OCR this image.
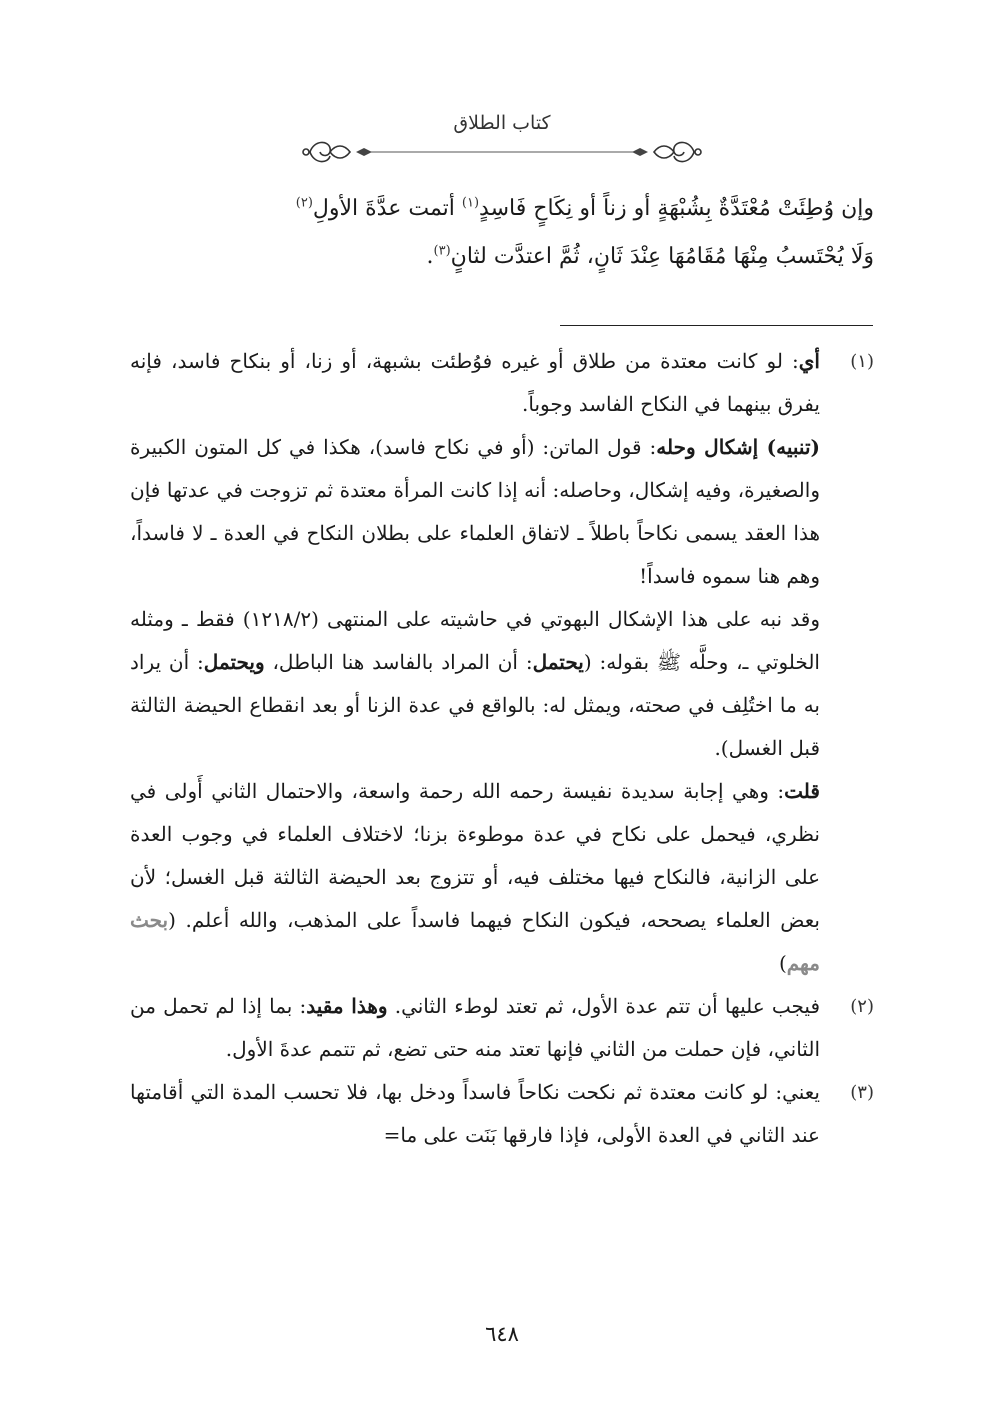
كتاب الطلاق

وإن وُطِئَتْ مُعْتَدَّةٌ بِشُبْهَةٍ أو زناً أو نِكَاحٍ فَاسِدٍ$^{(١)}$ أتمت عدَّةَ الأولِ$^{(٢)}$

وَلَا يُحْتَسبُ مِنْهَا مُقَامُهَا عِنْدَ ثَانٍ، ثُمَّ اعتدَّت لثانٍ$^{(٣)}$.

(١)

أي: لو كانت معتدة من طلاق أو غيره فوُطئت بشبهة، أو زنا، أو بنكاح فاسد، فإنه يفرق بينهما في النكاح الفاسد وجوباً.

(تنبيه) إشكال وحله: قول الماتن: (أو في نكاح فاسد)، هكذا في كل المتون الكبيرة والصغيرة، وفيه إشكال، وحاصله: أنه إذا كانت المرأة معتدة ثم تزوجت في عدتها فإن هذا العقد يسمى نكاحاً باطلاً ـ لاتفاق العلماء على بطلان النكاح في العدة ـ لا فاسداً، وهم هنا سموه فاسداً!

وقد نبه على هذا الإشكال البهوتي في حاشيته على المنتهى (١٢١٨/٢) فقط ـ ومثله الخلوتي ـ، وحلَّه ﷺ بقوله: (يحتمل: أن المراد بالفاسد هنا الباطل، ويحتمل: أن يراد به ما اختُلِف في صحته، ويمثل له: بالواقع في عدة الزنا أو بعد انقطاع الحيضة الثالثة قبل الغسل).

قلت: وهي إجابة سديدة نفيسة رحمه الله رحمة واسعة، والاحتمال الثاني أَولى في نظري، فيحمل على نكاح في عدة موطوءة بزنا؛ لاختلاف العلماء في وجوب العدة على الزانية، فالنكاح فيها مختلف فيه، أو تتزوج بعد الحيضة الثالثة قبل الغسل؛ لأن بعض العلماء يصححه، فيكون النكاح فيهما فاسداً على المذهب، والله أعلم. (بحث مهم)

(٢)

فيجب عليها أن تتم عدة الأول، ثم تعتد لوطء الثاني. وهذا مقيد: بما إذا لم تحمل من الثاني، فإن حملت من الثاني فإنها تعتد منه حتى تضع، ثم تتمم عدةَ الأول.

(٣)

يعني: لو كانت معتدة ثم نكحت نكاحاً فاسداً ودخل بها، فلا تحسب المدة التي أقامتها عند الثاني في العدة الأولى، فإذا فارقها بَنَت على ما=

٦٤٨
